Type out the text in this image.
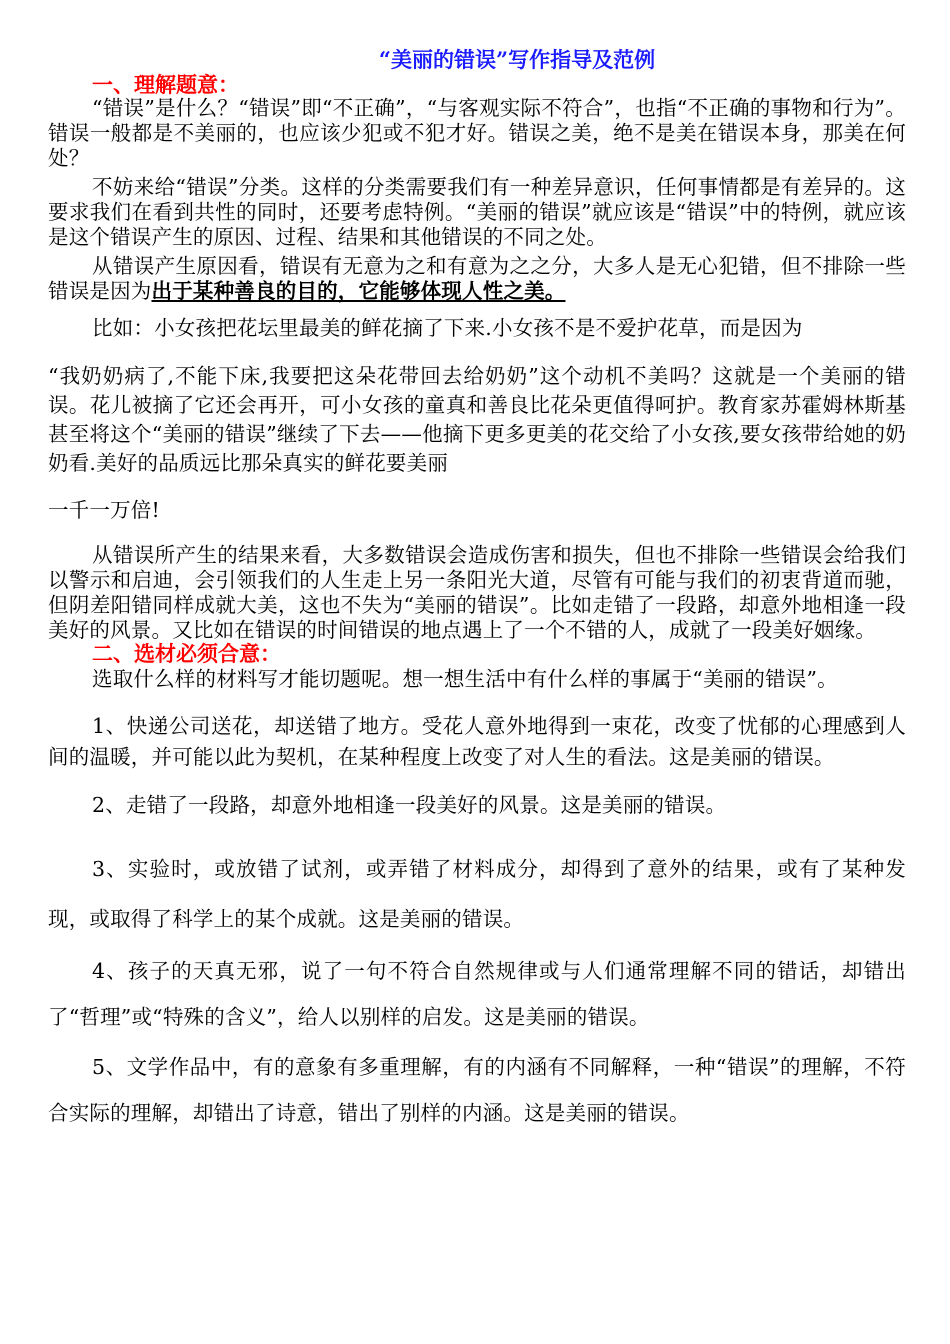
“美丽的错误”写作指导及范例

一、理解题意：

“错误”是什么？“错误”即“不正确”，“与客观实际不符合”，也指“不正确的事物和行为”。错误一般都是不美丽的，也应该少犯或不犯才好。错误之美，绝不是美在错误本身，那美在何处？

不妨来给“错误”分类。这样的分类需要我们有一种差异意识，任何事情都是有差异的。这要求我们在看到共性的同时，还要考虑特例。“美丽的错误”就应该是“错误”中的特例，就应该是这个错误产生的原因、过程、结果和其他错误的不同之处。

从错误产生原因看，错误有无意为之和有意为之之分，大多人是无心犯错，但不排除一些错误是因为出于某种善良的目的，它能够体现人性之美。

比如：小女孩把花坛里最美的鲜花摘了下来.小女孩不是不爱护花草，而是因为

“我奶奶病了,不能下床,我要把这朵花带回去给奶奶”这个动机不美吗？这就是一个美丽的错误。花儿被摘了它还会再开，可小女孩的童真和善良比花朵更值得呵护。教育家苏霍姆林斯基甚至将这个“美丽的错误”继续了下去——他摘下更多更美的花交给了小女孩,要女孩带给她的奶奶看.美好的品质远比那朵真实的鲜花要美丽

一千一万倍!

从错误所产生的结果来看，大多数错误会造成伤害和损失，但也不排除一些错误会给我们以警示和启迪，会引领我们的人生走上另一条阳光大道，尽管有可能与我们的初衷背道而驰，但阴差阳错同样成就大美，这也不失为“美丽的错误”。比如走错了一段路，却意外地相逢一段美好的风景。又比如在错误的时间错误的地点遇上了一个不错的人，成就了一段美好姻缘。

二、选材必须合意：

选取什么样的材料写才能切题呢。想一想生活中有什么样的事属于“美丽的错误”。

1、快递公司送花，却送错了地方。受花人意外地得到一束花，改变了忧郁的心理感到人间的温暖，并可能以此为契机，在某种程度上改变了对人生的看法。这是美丽的错误。

2、走错了一段路，却意外地相逢一段美好的风景。这是美丽的错误。

3、实验时，或放错了试剂，或弄错了材料成分，却得到了意外的结果，或有了某种发现，或取得了科学上的某个成就。这是美丽的错误。

4、孩子的天真无邪，说了一句不符合自然规律或与人们通常理解不同的错话，却错出了“哲理”或“特殊的含义”，给人以别样的启发。这是美丽的错误。

5、文学作品中，有的意象有多重理解，有的内涵有不同解释，一种“错误”的理解，不符合实际的理解，却错出了诗意，错出了别样的内涵。这是美丽的错误。
